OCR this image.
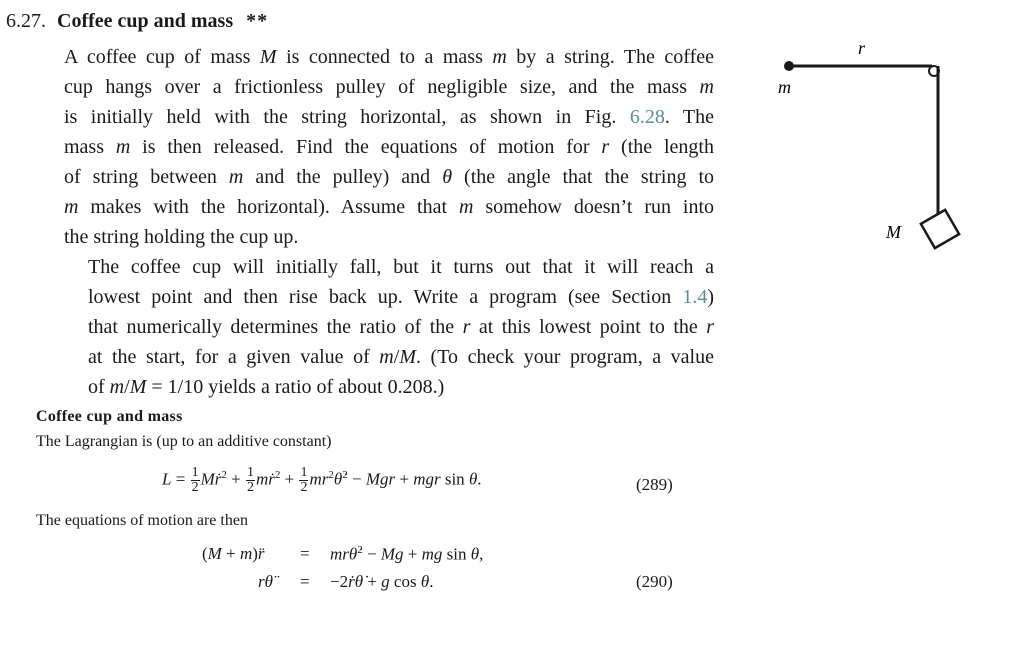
6.27. Coffee cup and mass **

A coffee cup of mass M is connected to a mass m by a string. The coffee
cup hangs over a frictionless pulley of negligible size, and the mass m
is initially held with the string horizontal, as shown in Fig. 6.28. The
mass m is then released. Find the equations of motion for r (the length
of string between m and the pulley) and θ (the angle that the string to
m makes with the horizontal). Assume that m somehow doesn’t run into
the string holding the cup up.

The coffee cup will initially fall, but it turns out that it will reach a
lowest point and then rise back up. Write a program (see Section 1.4)
that numerically determines the ratio of the r at this lowest point to the r
at the start, for a given value of m/M. (To check your program, a value
of m/M = 1/10 yields a ratio of about 0.208.)

r
m
M
Coffee cup and mass
The Lagrangian is (up to an additive constant)
$L = \frac{1}{2}$ Mṙ$^2$ + $\frac{1}{2}$ mṙ$^2$ + $\frac{1}{2}$ $mr^2\thetȧ^2$ − Mgr + mgr sin θ.	(289)
The equations of motion are then
(M + m)r̈ = mrθ̇$^2$ − Mg + mg sin θ,
rθ̈ = −2ṙθ̇ + g cos θ.	(290)
